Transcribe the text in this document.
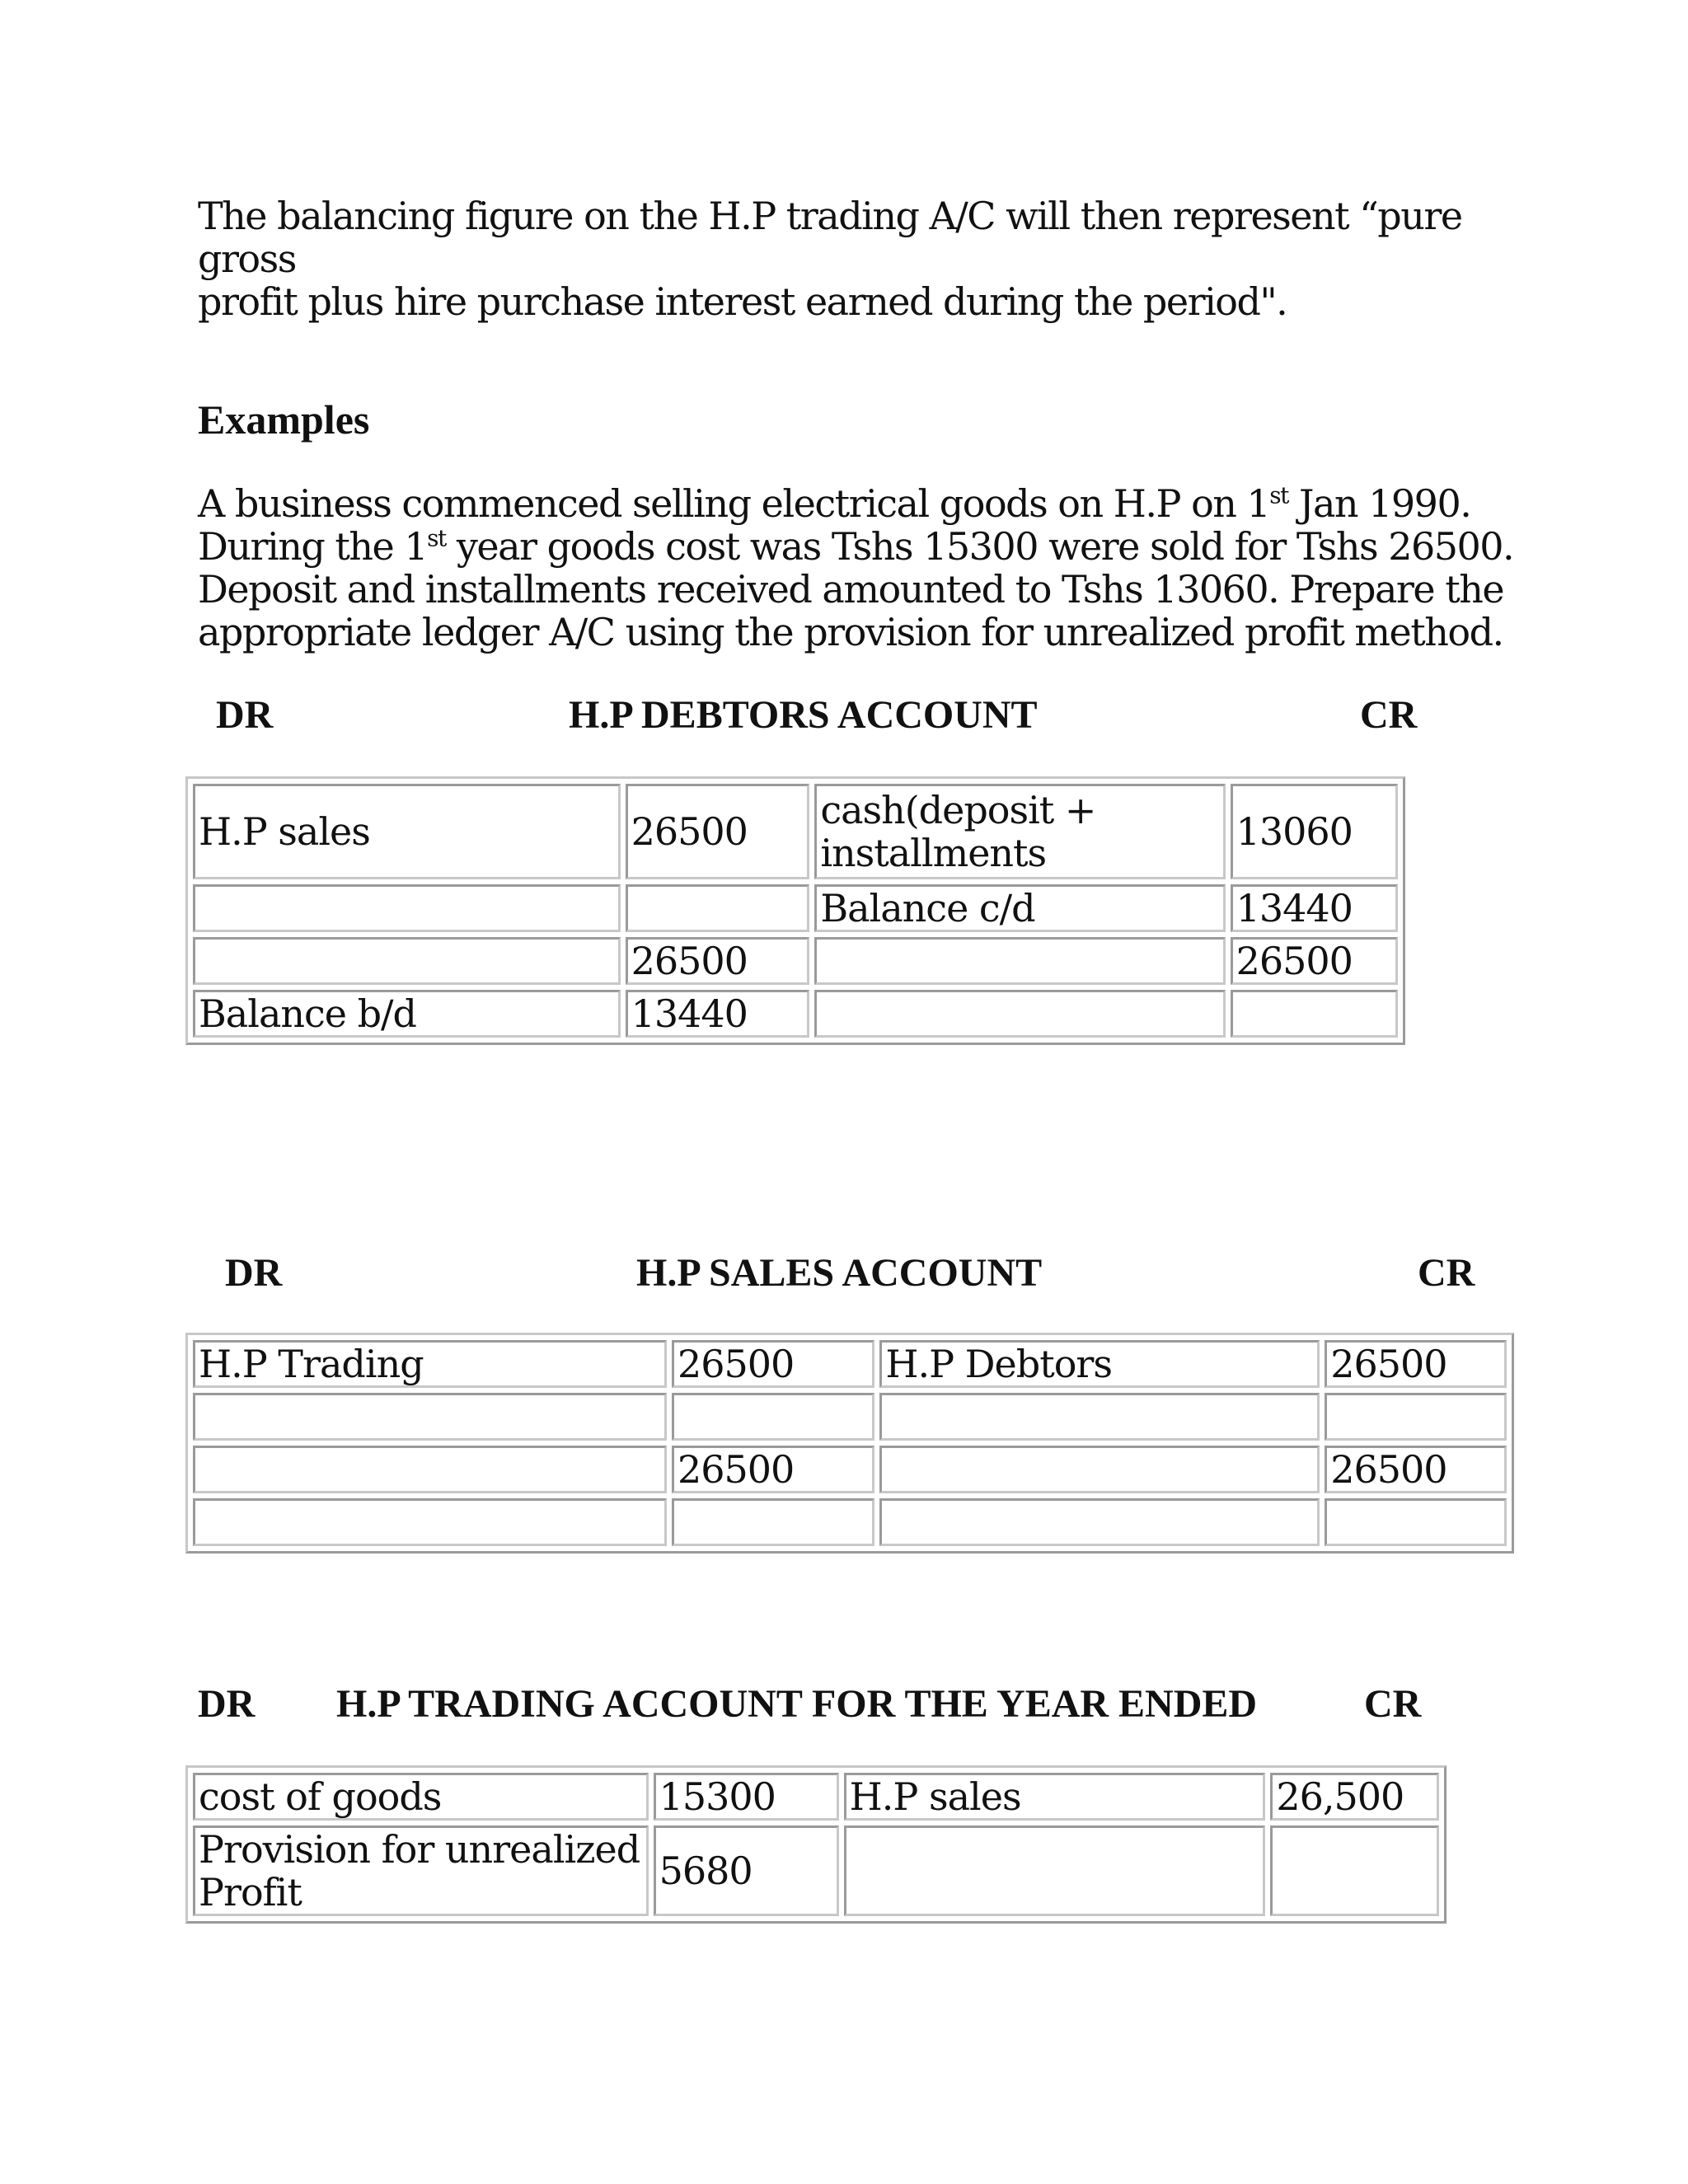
The balancing figure on the H.P trading A/C will then represent “pure gross
profit plus hire purchase interest earned during the period".
Examples
A business commenced selling electrical goods on H.P on 1st Jan 1990.
During the 1st year goods cost was Tshs 15300 were sold for Tshs 26500.
Deposit and installments received amounted to Tshs 13060. Prepare the
appropriate ledger A/C using the provision for unrealized profit method.
DR	H.P DEBTORS ACCOUNT	CR
H.P sales	26500	cash(deposit + installments	13060
		Balance c/d	13440
	26500		26500
Balance b/d	13440		
DR	H.P SALES ACCOUNT	CR
H.P Trading	26500	H.P Debtors	26500

	26500		26500

DR H.P TRADING ACCOUNT FOR THE YEAR ENDED	CR
cost of goods	15300	H.P sales	26,500
Provision for unrealized Profit	5680		
